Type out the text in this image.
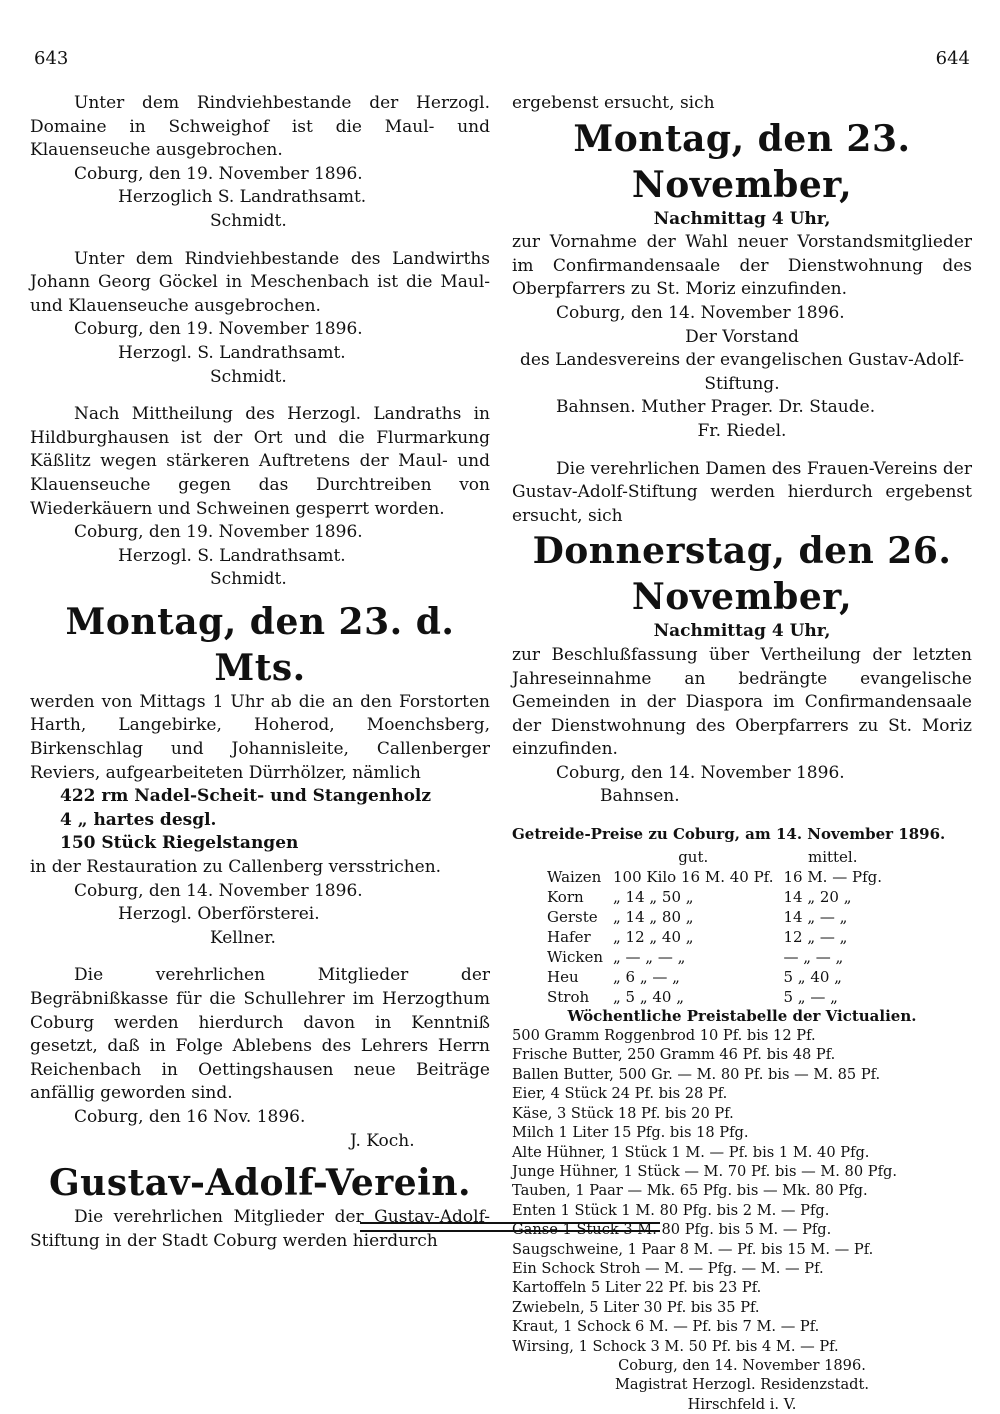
643	644

Unter dem Rindviehbestande der Herzogl. Domaine in Schweighof ist die Maul- und Klauenseuche ausgebrochen.

Coburg, den 19. November 1896.

Herzoglich S. Landrathsamt.

Schmidt.

Unter dem Rindviehbestande des Landwirths Johann Georg Göckel in Meschenbach ist die Maul- und Klauenseuche ausgebrochen.

Coburg, den 19. November 1896.

Herzogl. S. Landrathsamt.

Schmidt.

Nach Mittheilung des Herzogl. Landraths in Hildburghausen ist der Ort und die Flurmarkung Käßlitz wegen stärkeren Auftretens der Maul- und Klauenseuche gegen das Durchtreiben von Wiederkäuern und Schweinen gesperrt worden.

Coburg, den 19. November 1896.

Herzogl. S. Landrathsamt.

Schmidt.

Montag, den 23. d. Mts.

werden von Mittags 1 Uhr ab die an den Forstorten Harth, Langebirke, Hoherod, Moenchsberg, Birkenschlag und Johannisleite, Callenberger Reviers, aufgearbeiteten Dürrhölzer, nämlich

422 rm Nadel-Scheit- und Stangenholz

4 „ hartes desgl.

150 Stück Riegelstangen

in der Restauration zu Callenberg versstrichen.

Coburg, den 14. November 1896.

Herzogl. Oberförsterei.

Kellner.

Die verehrlichen Mitglieder der Begräbnißkasse für die Schullehrer im Herzogthum Coburg werden hierdurch davon in Kenntniß gesetzt, daß in Folge Ablebens des Lehrers Herrn Reichenbach in Oettingshausen neue Beiträge anfällig geworden sind.

Coburg, den 16 Nov. 1896.

J. Koch.

Gustav-Adolf-Verein.

Die verehrlichen Mitglieder der Gustav-Adolf-Stiftung in der Stadt Coburg werden hierdurch

ergebenst ersucht, sich

Montag, den 23. November,

Nachmittag 4 Uhr,

zur Vornahme der Wahl neuer Vorstandsmitglieder im Confirmandensaale der Dienstwohnung des Oberpfarrers zu St. Moriz einzufinden.

Coburg, den 14. November 1896.

Der Vorstand

des Landesvereins der evangelischen Gustav-Adolf-Stiftung.

Bahnsen. Muther Prager. Dr. Staude.

Fr. Riedel.

Die verehrlichen Damen des Frauen-Vereins der Gustav-Adolf-Stiftung werden hierdurch ergebenst ersucht, sich

Donnerstag, den 26. November,

Nachmittag 4 Uhr,

zur Beschlußfassung über Vertheilung der letzten Jahreseinnahme an bedrängte evangelische Gemeinden in der Diaspora im Confirmandensaale der Dienstwohnung des Oberpfarrers zu St. Moriz einzufinden.

Coburg, den 14. November 1896.

Bahnsen.

Getreide-Preise zu Coburg, am 14. November 1896.

	gut.	mittel.
Waizen	100 Kilo 16 M. 40 Pf.	16 M. — Pfg.
Korn	„ 14 „ 50 „	14 „ 20 „
Gerste	„ 14 „ 80 „	14 „ — „
Hafer	„ 12 „ 40 „	12 „ — „
Wicken	„ — „ — „	— „ — „
Heu	„ 6 „ — „	5 „ 40 „
Stroh	„ 5 „ 40 „	5 „ — „

Wöchentliche Preistabelle der Victualien.

500 Gramm Roggenbrod 10 Pf. bis 12 Pf.

Frische Butter, 250 Gramm 46 Pf. bis 48 Pf.

Ballen Butter, 500 Gr. — M. 80 Pf. bis — M. 85 Pf.

Eier, 4 Stück 24 Pf. bis 28 Pf.

Käse, 3 Stück 18 Pf. bis 20 Pf.

Milch 1 Liter 15 Pfg. bis 18 Pfg.

Alte Hühner, 1 Stück 1 M. — Pf. bis 1 M. 40 Pfg.

Junge Hühner, 1 Stück — M. 70 Pf. bis — M. 80 Pfg.

Tauben, 1 Paar — Mk. 65 Pfg. bis — Mk. 80 Pfg.

Enten 1 Stück 1 M. 80 Pfg. bis 2 M. — Pfg.

Gänse 1 Stück 3 M. 80 Pfg. bis 5 M. — Pfg.

Saugschweine, 1 Paar 8 M. — Pf. bis 15 M. — Pf.

Ein Schock Stroh — M. — Pfg. — M. — Pf.

Kartoffeln 5 Liter 22 Pf. bis 23 Pf.

Zwiebeln, 5 Liter 30 Pf. bis 35 Pf.

Kraut, 1 Schock 6 M. — Pf. bis 7 M. — Pf.

Wirsing, 1 Schock 3 M. 50 Pf. bis 4 M. — Pf.

Coburg, den 14. November 1896.

Magistrat Herzogl. Residenzstadt.

Hirschfeld i. V.
